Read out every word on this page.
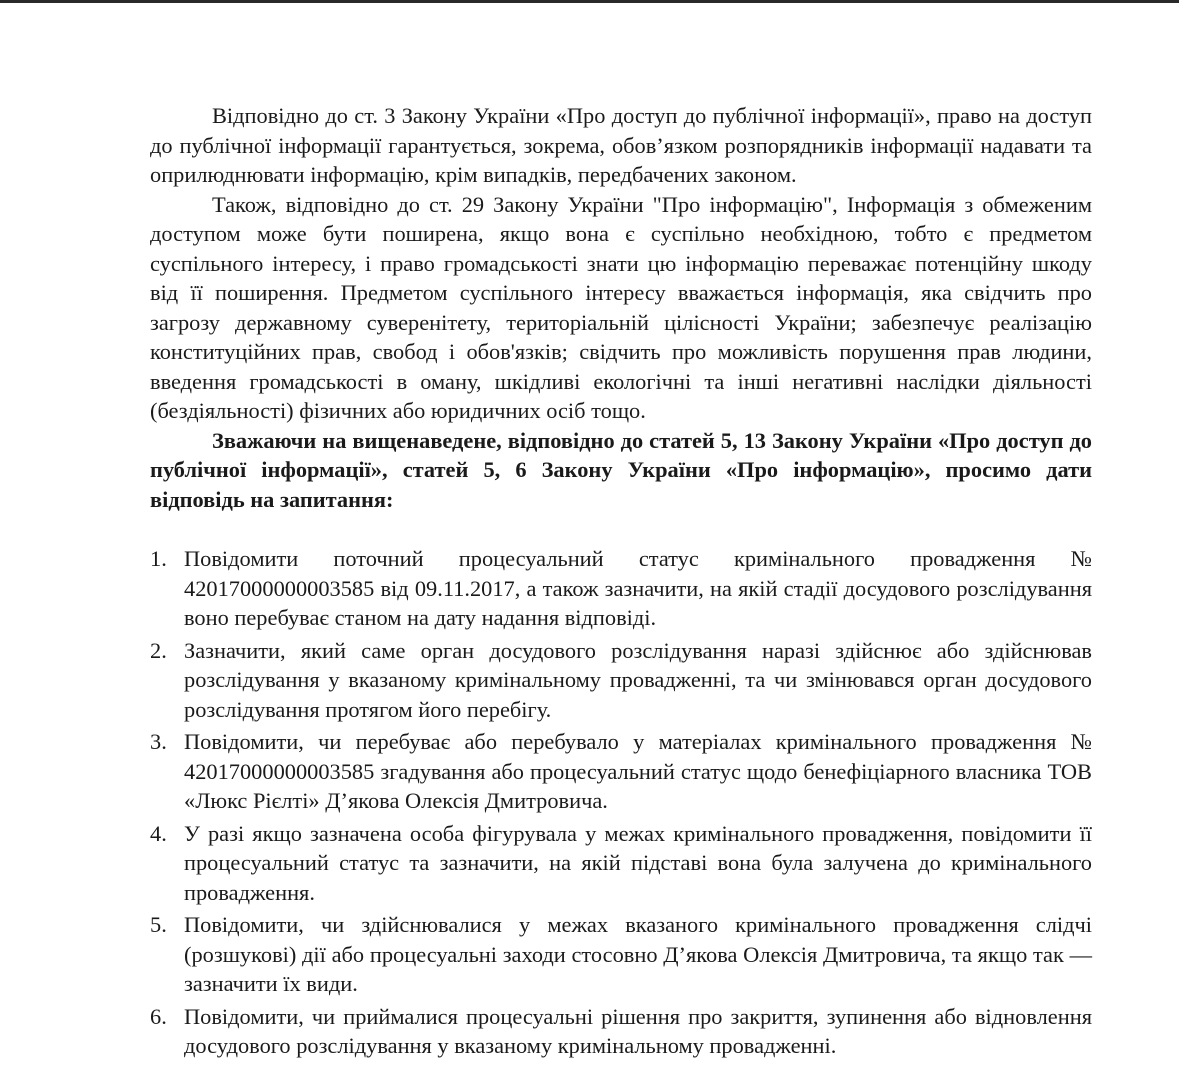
Відповідно до ст. 3 Закону України «Про доступ до публічної інформації», право на доступ до публічної інформації гарантується, зокрема, обов’язком розпорядників інформації надавати та оприлюднювати інформацію, крім випадків, передбачених законом.

Також, відповідно до ст. 29 Закону України "Про інформацію", Інформація з обмеженим доступом може бути поширена, якщо вона є суспільно необхідною, тобто є предметом суспільного інтересу, і право громадськості знати цю інформацію переважає потенційну шкоду від її поширення. Предметом суспільного інтересу вважається інформація, яка свідчить про загрозу державному суверенітету, територіальній цілісності України; забезпечує реалізацію конституційних прав, свобод і обов'язків; свідчить про можливість порушення прав людини, введення громадськості в оману, шкідливі екологічні та інші негативні наслідки діяльності (бездіяльності) фізичних або юридичних осіб тощо.

Зважаючи на вищенаведене, відповідно до статей 5, 13 Закону України «Про доступ до публічної інформації», статей 5, 6 Закону України «Про інформацію», просимо дати відповідь на запитання:

1. Повідомити поточний процесуальний статус кримінального провадження № 42017000000003585 від 09.11.2017, а також зазначити, на якій стадії досудового розслідування воно перебуває станом на дату надання відповіді.
2. Зазначити, який саме орган досудового розслідування наразі здійснює або здійснював розслідування у вказаному кримінальному провадженні, та чи змінювався орган досудового розслідування протягом його перебігу.
3. Повідомити, чи перебуває або перебувало у матеріалах кримінального провадження № 42017000000003585 згадування або процесуальний статус щодо бенефіціарного власника ТОВ «Люкс Рієлті» Д’якова Олексія Дмитровича.
4. У разі якщо зазначена особа фігурувала у межах кримінального провадження, повідомити її процесуальний статус та зазначити, на якій підставі вона була залучена до кримінального провадження.
5. Повідомити, чи здійснювалися у межах вказаного кримінального провадження слідчі (розшукові) дії або процесуальні заходи стосовно Д’якова Олексія Дмитровича, та якщо так — зазначити їх види.
6. Повідомити, чи приймалися процесуальні рішення про закриття, зупинення або відновлення досудового розслідування у вказаному кримінальному провадженні.
